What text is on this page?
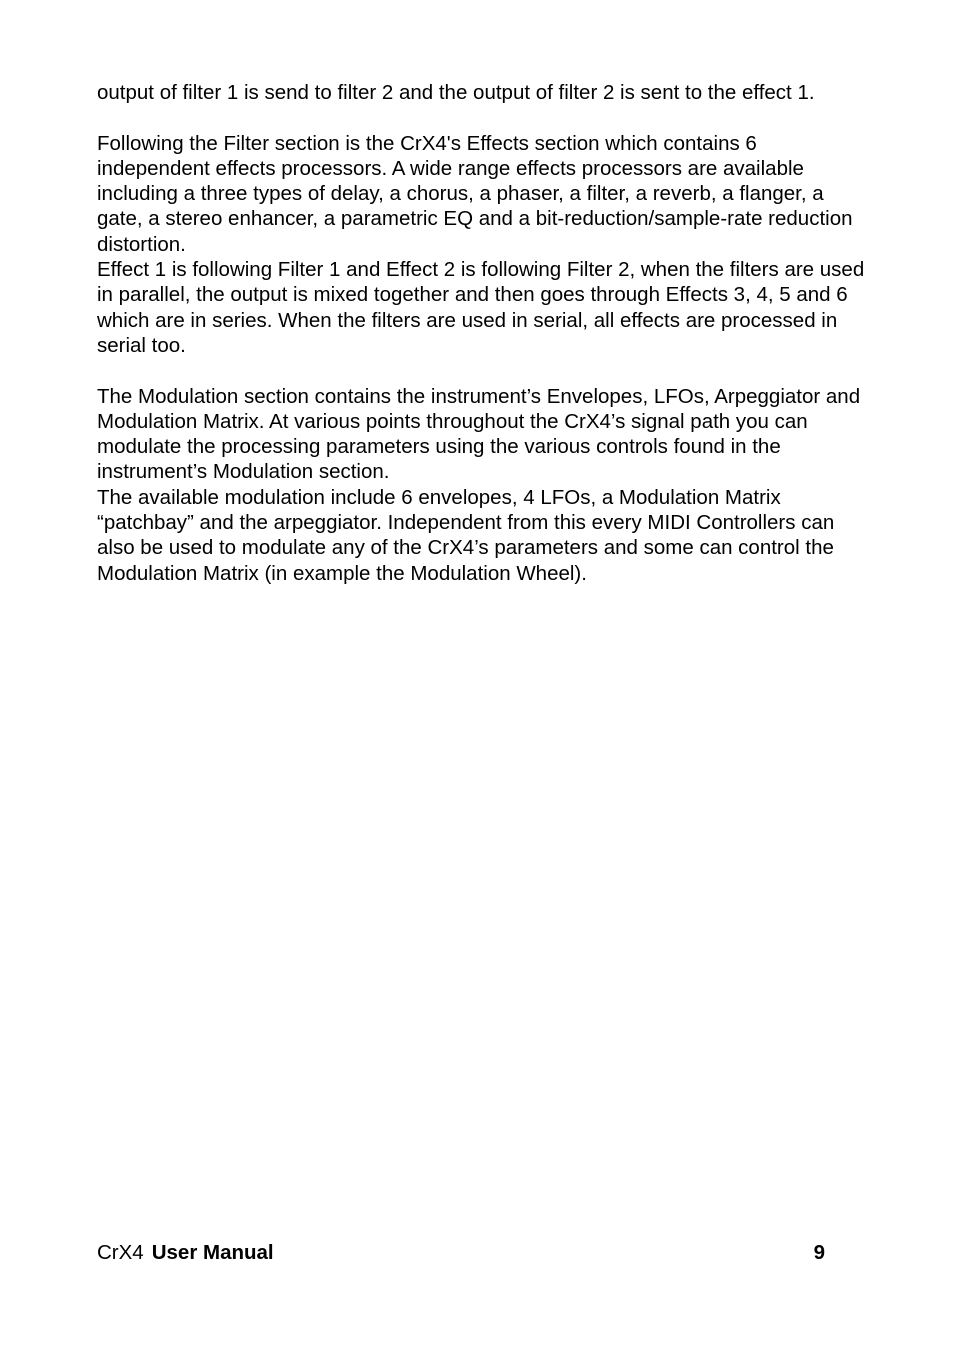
output of filter 1 is send to filter 2 and the output of filter 2 is sent to the effect 1.

Following the Filter section is the CrX4's Effects section which contains 6 independent effects processors. A wide range effects processors are available including a three types of delay, a chorus, a phaser, a filter, a reverb, a flanger, a gate, a stereo enhancer, a parametric EQ and a bit-reduction/sample-rate reduction distortion.

Effect 1 is following Filter 1 and Effect 2 is following Filter 2, when the filters are used in parallel, the output is mixed together and then goes through Effects 3, 4, 5 and 6 which are in series. When the filters are used in serial, all effects are processed in serial too.

The Modulation section contains the instrument’s Envelopes, LFOs, Arpeggiator and Modulation Matrix. At various points throughout the CrX4’s signal path you can modulate the processing parameters using the various controls found in the instrument’s Modulation section.

The available modulation include 6 envelopes, 4 LFOs, a Modulation Matrix “patchbay” and the arpeggiator. Independent from this every MIDI Controllers can also be used to modulate any of the CrX4’s parameters and some can control the Modulation Matrix (in example the Modulation Wheel).

CrX4 User Manual	9
